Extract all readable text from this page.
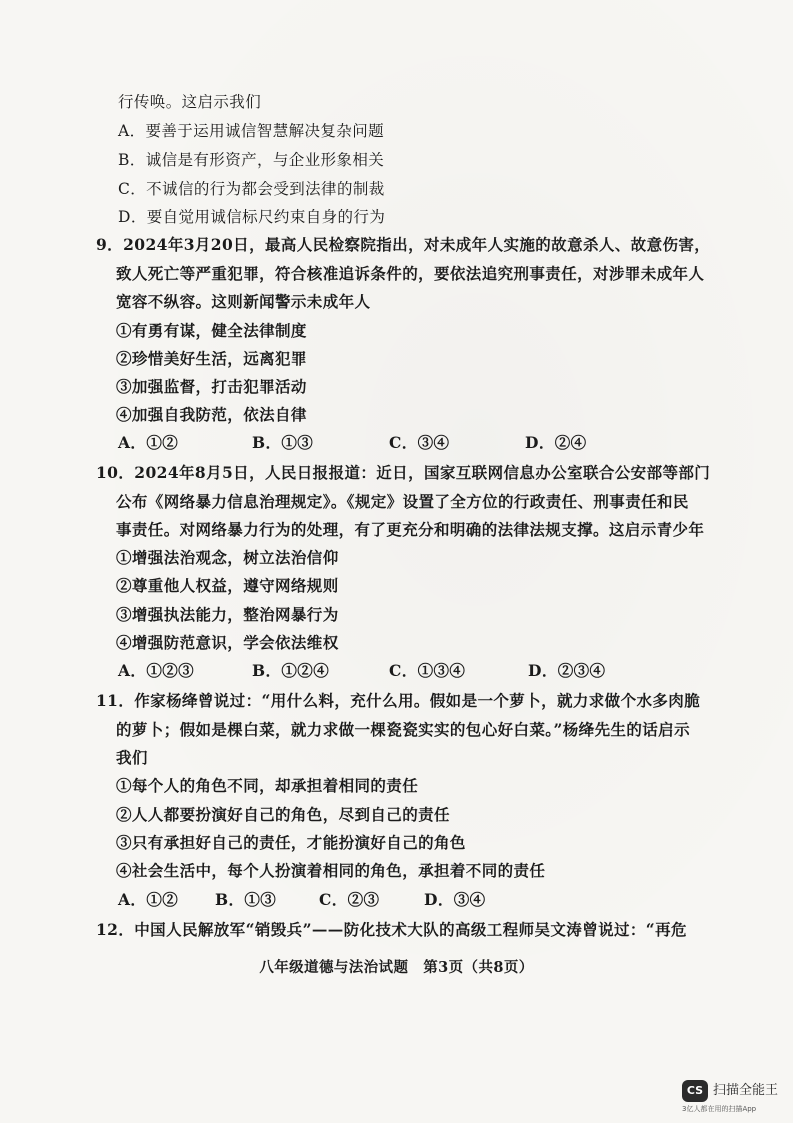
行传唤。这启示我们
A．要善于运用诚信智慧解决复杂问题
B．诚信是有形资产，与企业形象相关
C．不诚信的行为都会受到法律的制裁
D．要自觉用诚信标尺约束自身的行为
9．2024年3月20日，最高人民检察院指出，对未成年人实施的故意杀人、故意伤害，
致人死亡等严重犯罪，符合核准追诉条件的，要依法追究刑事责任，对涉罪未成年人
宽容不纵容。这则新闻警示未成年人
①有勇有谋，健全法律制度
②珍惜美好生活，远离犯罪
③加强监督，打击犯罪活动
④加强自我防范，依法自律
A．①②	B．①③	C．③④	D．②④
10．2024年8月5日，人民日报报道：近日，国家互联网信息办公室联合公安部等部门
公布《网络暴力信息治理规定》。《规定》设置了全方位的行政责任、刑事责任和民
事责任。对网络暴力行为的处理，有了更充分和明确的法律法规支撑。这启示青少年
①增强法治观念，树立法治信仰
②尊重他人权益，遵守网络规则
③增强执法能力，整治网暴行为
④增强防范意识，学会依法维权
A．①②③	B．①②④	C．①③④	D．②③④
11．作家杨绛曾说过：“用什么料，充什么用。假如是一个萝卜，就力求做个水多肉脆
的萝卜；假如是棵白菜，就力求做一棵瓷瓷实实的包心好白菜。”杨绛先生的话启示
我们
①每个人的角色不同，却承担着相同的责任
②人人都要扮演好自己的角色，尽到自己的责任
③只有承担好自己的责任，才能扮演好自己的角色
④社会生活中，每个人扮演着相同的角色，承担着不同的责任
A．①② B．①③	C．②③	D．③④
12．中国人民解放军“销毁兵”——防化技术大队的高级工程师吴文涛曾说过：“再危
八年级道德与法治试题　第3页（共8页）
CS 扫描全能王
3亿人都在用的扫描App
